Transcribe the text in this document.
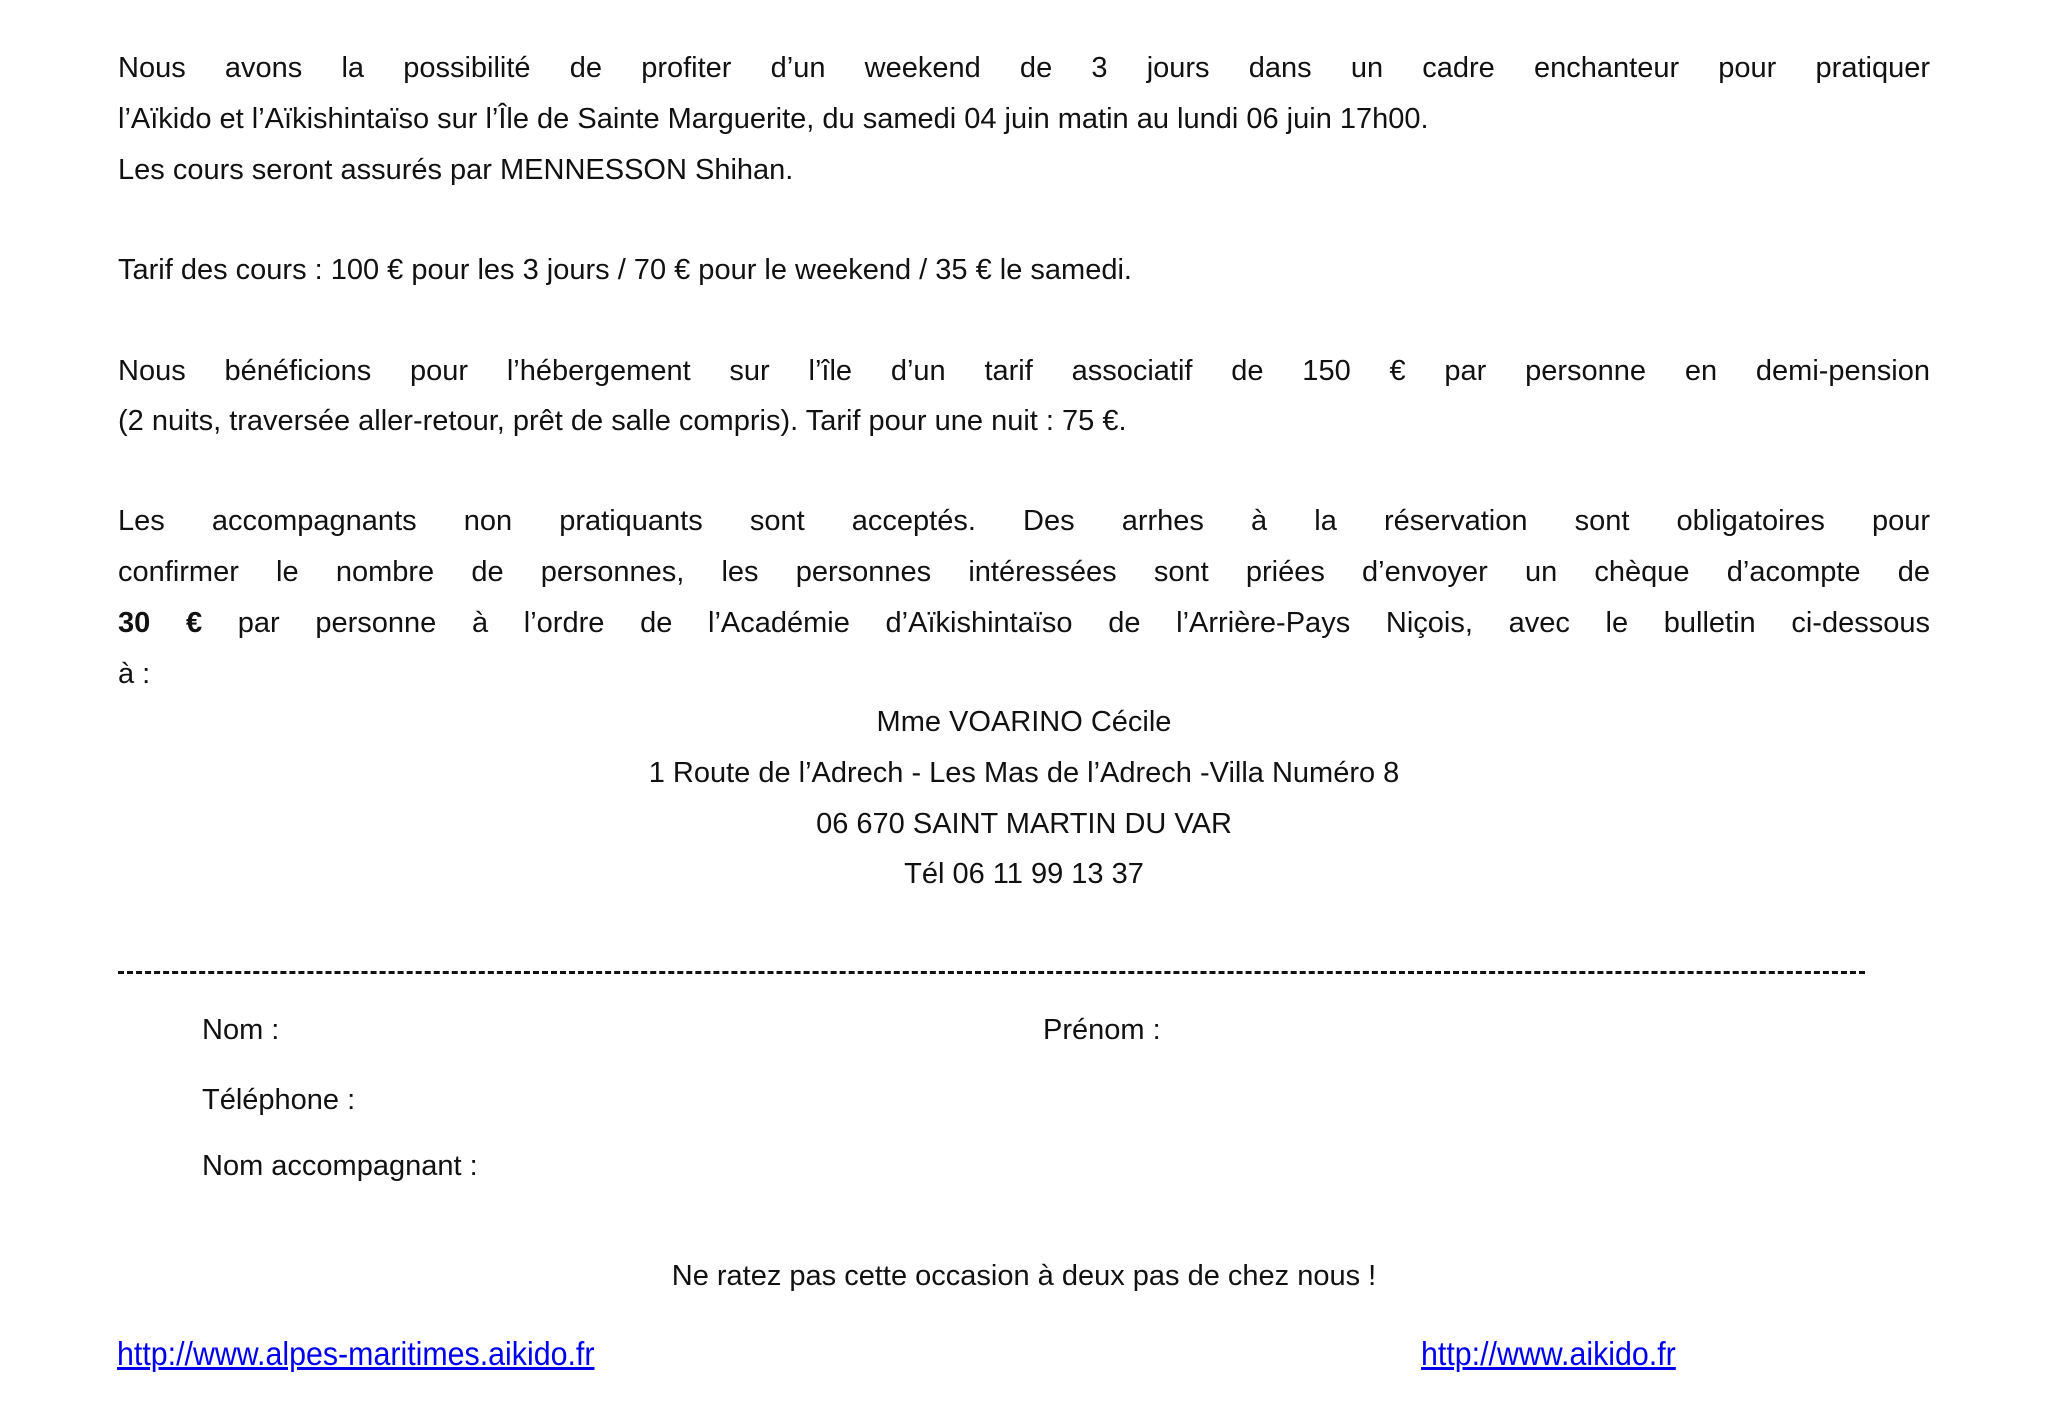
Nous avons la possibilité de profiter d’un weekend de 3 jours dans un cadre enchanteur pour pratiquer
l’Aïkido et l’Aïkishintaïso sur l’Île de Sainte Marguerite, du samedi 04 juin matin au lundi 06 juin 17h00.
Les cours seront assurés par MENNESSON Shihan.
Tarif des cours : 100 € pour les 3 jours / 70 € pour le weekend / 35 € le samedi.
Nous bénéficions pour l’hébergement sur l’île d’un tarif associatif de 150 € par personne en demi-pension
(2 nuits, traversée aller-retour, prêt de salle compris). Tarif pour une nuit : 75 €.
Les accompagnants non pratiquants sont acceptés. Des arrhes à la réservation sont obligatoires pour
confirmer le nombre de personnes, les personnes intéressées sont priées d’envoyer un chèque d’acompte de
30 € par personne à l’ordre de l’Académie d’Aïkishintaïso de l’Arrière-Pays Niçois, avec le bulletin ci-dessous
à :
Mme VOARINO Cécile
1 Route de l’Adrech - Les Mas de l’Adrech -Villa Numéro 8
06 670 SAINT MARTIN DU VAR
Tél 06 11 99 13 37
Nom :	Prénom :
Téléphone :
Nom accompagnant :
Ne ratez pas cette occasion à deux pas de chez nous !
http://www.alpes-maritimes.aikido.fr	http://www.aikido.fr
